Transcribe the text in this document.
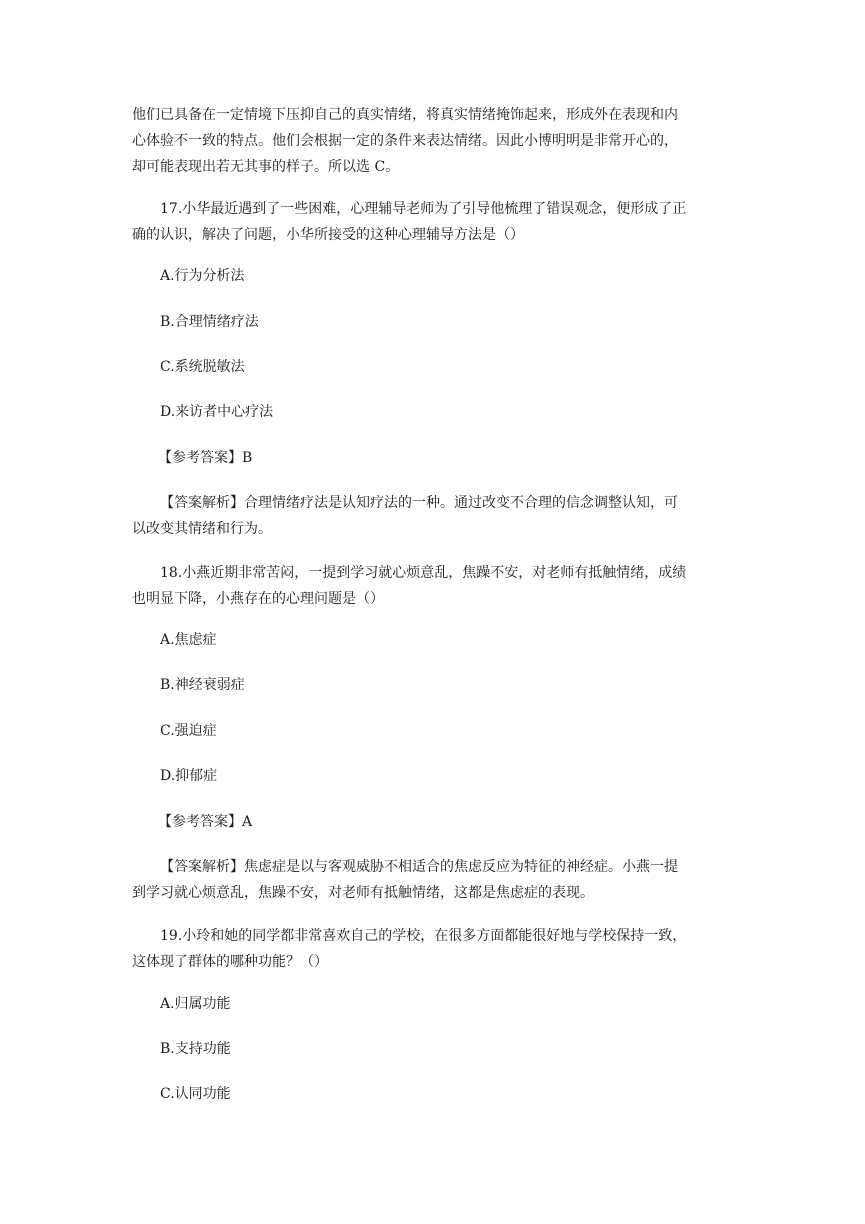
他们已具备在一定情境下压抑自己的真实情绪，将真实情绪掩饰起来，形成外在表现和内
心体验不一致的特点。他们会根据一定的条件来表达情绪。因此小博明明是非常开心的，
却可能表现出若无其事的样子。所以选 C。

17.小华最近遇到了一些困难，心理辅导老师为了引导他梳理了错误观念，便形成了正
确的认识，解决了问题，小华所接受的这种心理辅导方法是（）

A.行为分析法

B.合理情绪疗法

C.系统脱敏法

D.来访者中心疗法

【参考答案】B

【答案解析】合理情绪疗法是认知疗法的一种。通过改变不合理的信念调整认知，可
以改变其情绪和行为。

18.小燕近期非常苦闷，一提到学习就心烦意乱，焦躁不安，对老师有抵触情绪，成绩
也明显下降，小燕存在的心理问题是（）

A.焦虑症

B.神经衰弱症

C.强迫症

D.抑郁症

【参考答案】A

【答案解析】焦虑症是以与客观威胁不相适合的焦虑反应为特征的神经症。小燕一提
到学习就心烦意乱，焦躁不安，对老师有抵触情绪，这都是焦虑症的表现。

19.小玲和她的同学都非常喜欢自己的学校，在很多方面都能很好地与学校保持一致，
这体现了群体的哪种功能？（）

A.归属功能

B.支持功能

C.认同功能
